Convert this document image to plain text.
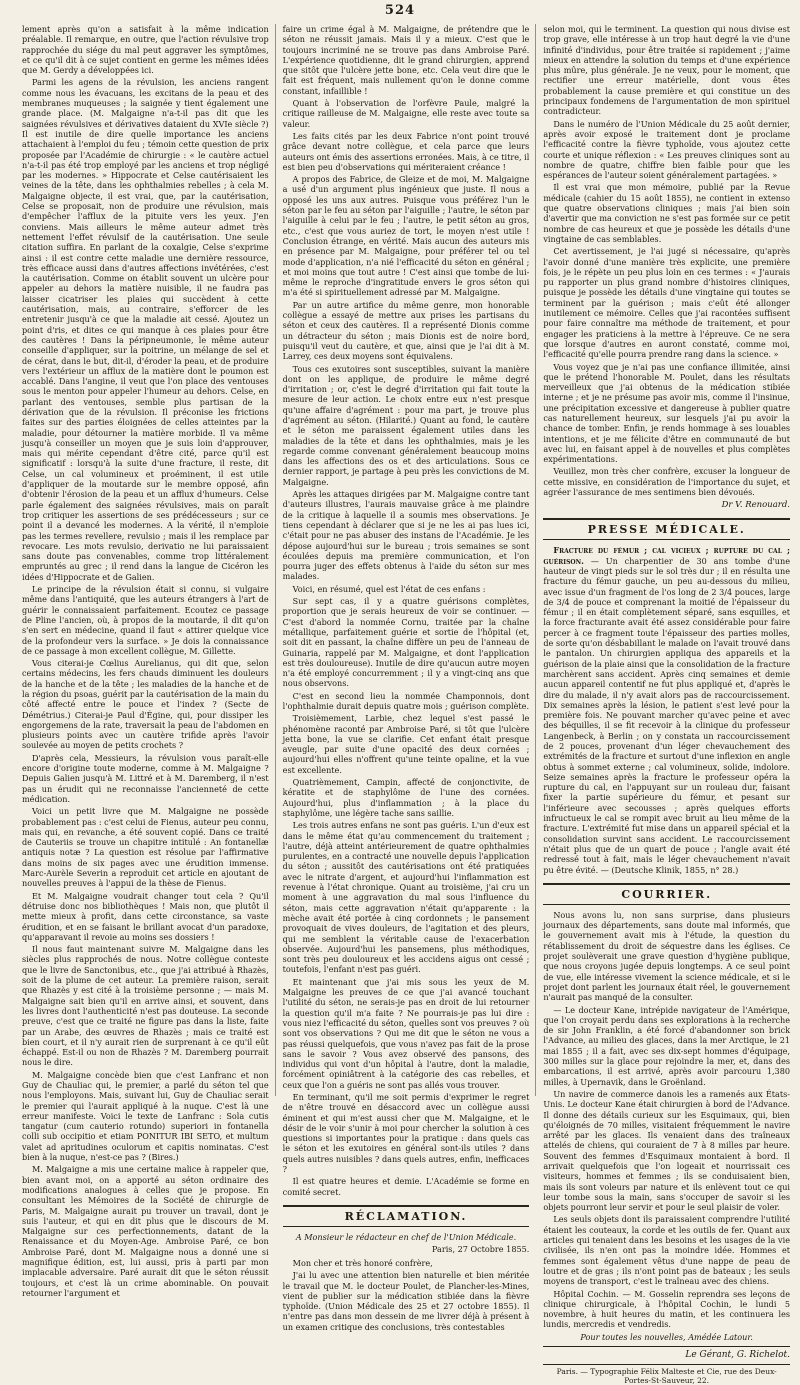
524

lement après qu'on a satisfait à la même indication préalable. Il remarque, en outre, que l'action révulsive trop rapprochée du siége du mal peut aggraver les symptômes, et ce qu'il dit à ce sujet contient en germe les mêmes idées que M. Gerdy a développées ici.

Parmi les agens de la révulsion, les anciens rangent comme nous les évacuans, les excitans de la peau et des membranes muqueuses ; la saignée y tient également une grande place. (M. Malgaigne n'a-t-il pas dit que les saignées révulsives et dérivatives dataient du XVIe siècle ?) Il est inutile de dire quelle importance les anciens attachaient à l'emploi du feu ; témoin cette question de prix proposée par l'Académie de chirurgie : « le cautère actuel n'a-t-il pas été trop employé par les anciens et trop négligé par les modernes. » Hippocrate et Celse cautérisaient les veines de la tête, dans les ophthalmies rebelles ; à cela M. Malgaigne objecte, il est vrai, que, par la cautérisation, Celse se proposait, non de produire une révulsion, mais d'empêcher l'afflux de la pituite vers les yeux. J'en conviens. Mais ailleurs le même auteur admet très nettement l'effet révulsif de la cautérisation. Une seule citation suffira. En parlant de la coxalgie, Celse s'exprime ainsi : il est contre cette maladie une dernière ressource, très efficace aussi dans d'autres affections invétérées, c'est la cautérisation. Comme on établit souvent un ulcère pour appeler au dehors la matière nuisible, il ne faudra pas laisser cicatriser les plaies qui succèdent à cette cautérisation, mais, au contraire, s'efforcer de les entretenir jusqu'à ce que la maladie ait cessé. Ajoutez un point d'ris, et dites ce qui manque à ces plaies pour être des cautères ! Dans la péripneumonie, le même auteur conseille d'appliquer, sur la poitrine, un mélange de sel et de cérat, dans le but, dit-il, d'éroder la peau, et de produire vers l'extérieur un afflux de la matière dont le poumon est accablé. Dans l'angine, il veut que l'on place des ventouses sous le menton pour appeler l'humeur au dehors. Celse, en parlant des ventouses, semble plus partisan de la dérivation que de la révulsion. Il préconise les frictions faites sur des parties éloignées de celles atteintes par la maladie, pour détourner la matière morbide. Il va même jusqu'à conseiller un moyen que je suis loin d'approuver, mais qui mérite cependant d'être cité, parce qu'il est significatif : lorsqu'à la suite d'une fracture, il reste, dit Celse, un cal volumineux et proéminent, il est utile d'appliquer de la moutarde sur le membre opposé, afin d'obtenir l'érosion de la peau et un afflux d'humeurs. Celse parle également des saignées révulsives, mais on paraît trop critiquer les assertions de ses prédécesseurs ; sur ce point il a devancé les modernes. A la vérité, il n'emploie pas les termes revellere, revulsio ; mais il les remplace par revocare. Les mots revulsio, derivatio ne lui paraissaient sans doute pas convenables, comme trop littéralement empruntés au grec ; il rend dans la langue de Cicéron les idées d'Hippocrate et de Galien.

Le principe de la révulsion était si connu, si vulgaire même dans l'antiquité, que les auteurs étrangers à l'art de guérir le connaissaient parfaitement. Ecoutez ce passage de Pline l'ancien, où, à propos de la moutarde, il dit qu'on s'en sert en médecine, quand il faut « attirer quelque vice de la profondeur vers la surface. » Je dois la connaissance de ce passage à mon excellent collègue, M. Gillette.

Vous citerai-je Cœlius Aurelianus, qui dit que, selon certains médecins, les fers chauds diminuent les douleurs de la hanche et de la tête ; les maladies de la hanche et de la région du psoas, guérit par la cautérisation de la main du côté affecté entre le pouce et l'index ? (Secte de Démétrius.) Citerai-je Paul d'Égine, qui, pour dissiper les engorgemens de la rate, traversait la peau de l'abdomen en plusieurs points avec un cautère trifide après l'avoir soulevée au moyen de petits crochets ?

D'après cela, Messieurs, la révulsion vous paraît-elle encore d'origine toute moderne, comme à M. Malgaigne ? Depuis Galien jusqu'à M. Littré et à M. Daremberg, il n'est pas un érudit qui ne reconnaisse l'ancienneté de cette médication.

Voici un petit livre que M. Malgaigne ne possède probablement pas : c'est celui de Fienus, auteur peu connu, mais qui, en revanche, a été souvent copié. Dans ce traité de Cauteriis se trouve un chapitre intitulé : An fontanellæ antiquis notæ ? La question est résolue par l'affirmative dans moins de six pages avec une érudition immense. Marc-Aurèle Severin a reproduit cet article en ajoutant de nouvelles preuves à l'appui de la thèse de Fienus.

Et M. Malgaigne voudrait changer tout cela ? Qu'il détruise donc nos bibliothèques ! Mais non, que plutôt il mette mieux à profit, dans cette circonstance, sa vaste érudition, et en se faisant le brillant avocat d'un paradoxe, qu'apparavant il revoie au moins ses dossiers !

Il nous faut maintenant suivre M. Malgaigne dans les siècles plus rapprochés de nous. Notre collègue conteste que le livre de Sanctonibus, etc., que j'ai attribué à Rhazès, soit de la plume de cet auteur. La première raison, serait que Rhazès y est cité à la troisième personne ; — mais M. Malgaigne sait bien qu'il en arrive ainsi, et souvent, dans les livres dont l'authenticité n'est pas douteuse. La seconde preuve, c'est que ce traité ne figure pas dans la liste, faite par un Arabe, des œuvres de Rhazès ; mais ce traité est bien court, et il n'y aurait rien de surprenant à ce qu'il eût échappé. Est-il ou non de Rhazès ? M. Daremberg pourrait nous le dire.

M. Malgaigne concède bien que c'est Lanfranc et non Guy de Chauliac qui, le premier, a parlé du séton tel que nous l'employons. Mais, suivant lui, Guy de Chauliac serait le premier qui l'aurait appliqué à la nuque. C'est là une erreur manifeste. Voici le texte de Lanfranc : Sola cutis tangatur (cum cauterio rotundo) superiori in fontanella colli sub occipitio et etiam PONITUR IBI SETO, et multum valet ad apritudines oculorum et capitis nominatas. C'est bien à la nuque, n'est-ce pas ? (Bires.)

M. Malgaigne a mis une certaine malice à rappeler que, bien avant moi, on a apporté au séton ordinaire des modifications analogues à celles que je propose. En consultant les Mémoires de la Société de chirurgie de Paris, M. Malgaigne aurait pu trouver un travail, dont je suis l'auteur, et qui en dit plus que le discours de M. Malgaigne sur ces perfectionnements, datant de la Renaissance et du Moyen-Age. Ambroise Paré, ce bon Ambroise Paré, dont M. Malgaigne nous a donné une si magnifique édition, est, lui aussi, pris à parti par mon implacable adversaire. Paré aurait dit que le séton réussit toujours, et c'est là un crime abominable. On pouvait retourner l'argument et

faire un crime égal à M. Malgaigne, de prétendre que le séton ne réussit jamais. Mais il y a mieux. C'est que le toujours incriminé ne se trouve pas dans Ambroise Paré. L'expérience quotidienne, dit le grand chirurgien, apprend que sitôt que l'ulcère jette bone, etc. Cela veut dire que le fait est fréquent, mais nullement qu'on le donne comme constant, infaillible !

Quant à l'observation de l'orfèvre Paule, malgré la critique railleuse de M. Malgaigne, elle reste avec toute sa valeur.

Les faits cités par les deux Fabrice n'ont point trouvé grâce devant notre collègue, et cela parce que leurs auteurs ont émis des assertions erronées. Mais, à ce titre, il est bien peu d'observations qui mériteraient créance !

A propos des Fabrice, de Gleize et de moi, M. Malgaigne a usé d'un argument plus ingénieux que juste. Il nous a opposé les uns aux autres. Puisque vous préférez l'un le séton par le feu au séton par l'aiguille ; l'autre, le séton par l'aiguille à celui par le feu ; l'autre, le petit séton au gros, etc., c'est que vous auriez de tort, le moyen n'est utile ! Conclusion étrange, en vérité. Mais aucun des auteurs mis en présence par M. Malgaigne, pour préférer tel ou tel mode d'application, n'a nié l'efficacité du séton en général ; et moi moins que tout autre ! C'est ainsi que tombe de lui-même le reproche d'ingratitude envers le gros séton qui m'a été si spirituellement adressé par M. Malgaigne.

Par un autre artifice du même genre, mon honorable collègue a essayé de mettre aux prises les partisans du séton et ceux des cautères. Il a représenté Dionis comme un détracteur du séton ; mais Dionis est de noire bord, puisqu'il veut du cautère, et que, ainsi que je l'ai dit à M. Larrey, ces deux moyens sont équivalens.

Tous ces exutoires sont susceptibles, suivant la manière dont on les applique, de produire le même degré d'irritation ; or, c'est le degré d'irritation qui fait toute la mesure de leur action. Le choix entre eux n'est presque qu'une affaire d'agrément : pour ma part, je trouve plus d'agrément au séton. (Hilarité.) Quant au fond, le cautère et le séton me paraissent également utiles dans les maladies de la tête et dans les ophthalmies, mais je les regarde comme convenant généralement beaucoup moins dans les affections des os et des articulations. Sous ce dernier rapport, je partage à peu près les convictions de M. Malgaigne.

Après les attaques dirigées par M. Malgaigne contre tant d'auteurs illustres, l'aurais mauvaise grâce à me plaindre de la critique à laquelle il a soumis mes observations. Je tiens cependant à déclarer que si je ne les ai pas lues ici, c'était pour ne pas abuser des instans de l'Académie. Je les dépose aujourd'hui sur le bureau ; trois semaines se sont écoulées depuis ma première communication, et l'on pourra juger des effets obtenus à l'aide du séton sur mes malades.

Voici, en résumé, quel est l'état de ces enfans :

Sur sept cas, il y a quatre guérisons complètes, proportion que je serais heureux de voir se continuer. — C'est d'abord la nommée Cornu, traitée par la chaîne métallique, parfaitement guérie et sortie de l'hôpital (et, soit dit en passant, la chaîne diffère un peu de l'anneau de Guinaria, rappelé par M. Malgaigne, et dont l'application est très douloureuse). Inutile de dire qu'aucun autre moyen n'a été employé concurremment ; il y a vingt-cinq ans que nous observons.

C'est en second lieu la nommée Champonnois, dont l'ophthalmie durait depuis quatre mois ; guérison complète.

Troisièmement, Larbie, chez lequel s'est passé le phénomène raconté par Ambroise Paré, si tôt que l'ulcère jetta bone, la vue se clarifie. Cet enfant était presque aveugle, par suite d'une opacité des deux cornées ; aujourd'hui elles n'offrent qu'une teinte opaline, et la vue est excellente.

Quatrièmement, Campin, affecté de conjonctivite, de kératite et de staphylôme de l'une des cornées. Aujourd'hui, plus d'inflammation ; à la place du staphylôme, une légère tache sans saillie.

Les trois autres enfans ne sont pas guéris. L'un d'eux est dans le même état qu'au commencement du traitement ; l'autre, déjà atteint antérieurement de quatre ophthalmies purulentes, en a contracté une nouvelle depuis l'application du séton ; aussitôt des cautérisations ont été pratiquées avec le nitrate d'argent, et aujourd'hui l'inflammation est revenue à l'état chronique. Quant au troisième, j'ai cru un moment à une aggravation du mal sous l'influence du séton, mais cette aggravation n'était qu'apparente : la mèche avait été portée à cinq cordonnets ; le pansement provoquait de vives douleurs, de l'agitation et des pleurs, qui me semblent la véritable cause de l'exacerbation observée. Aujourd'hui les pansemens, plus méthodiques, sont très peu douloureux et les accidens aigus ont cessé ; toutefois, l'enfant n'est pas guéri.

Et maintenant que j'ai mis sous les yeux de M. Malgaigne les preuves de ce que j'ai avancé touchant l'utilité du séton, ne serais-je pas en droit de lui retourner la question qu'il m'a faite ? Ne pourrais-je pas lui dire : vous niez l'efficacité du séton, quelles sont vos preuves ? où sont vos observations ? Qui me dit que le séton ne vous a pas réussi quelquefois, que vous n'avez pas fait de la prose sans le savoir ? Vous avez observé des pansons, des individus qui vont d'un hôpital à l'autre, dont la maladie, forcément opiniâtrent à la catégorie des cas rebelles, et ceux que l'on a guéris ne sont pas allés vous trouver.

En terminant, qu'il me soit permis d'exprimer le regret de n'être trouvé en désaccord avec un collègue aussi éminent et qui m'est aussi cher que M. Malgaigne, et le désir de le voir s'unir à moi pour chercher la solution à ces questions si importantes pour la pratique : dans quels cas le séton et les exutoires en général sont-ils utiles ? dans quels autres nuisibles ? dans quels autres, enfin, inefficaces ?

Il est quatre heures et demie. L'Académie se forme en comité secret.

RÉCLAMATION.
A Monsieur le rédacteur en chef de l'Union Médicale.
Paris, 27 Octobre 1855.

Mon cher et très honoré confrère,

J'ai lu avec une attention bien naturelle et bien méritée le travail que M. le docteur Poulet, de Plancher-les-Mines, vient de publier sur la médication stibiée dans la fièvre typhoïde. (Union Médicale des 25 et 27 octobre 1855). Il n'entre pas dans mon dessein de me livrer déjà à présent à un examen critique des conclusions, très contestables

selon moi, qui le terminent. La question qui nous divise est trop grave, elle intéresse à un trop haut degré la vie d'une infinité d'individus, pour être traitée si rapidement ; j'aime mieux en attendre la solution du temps et d'une expérience plus mûre, plus générale. Je ne veux, pour le moment, que rectifier une erreur matérielle, dont vous êtes probablement la cause première et qui constitue un des principaux fondemens de l'argumentation de mon spirituel contradicteur.

Dans le numéro de l'Union Médicale du 25 août dernier, après avoir exposé le traitement dont je proclame l'efficacité contre la fièvre typhoïde, vous ajoutez cette courte et unique réflexion : « Les preuves cliniques sont au nombre de quatre, chiffre bien faible pour que les espérances de l'auteur soient généralement partagées. »

Il est vrai que mon mémoire, publié par la Revue médicale (cahier du 15 août 1855), ne contient in extenso que quatre observations cliniques ; mais j'ai bien soin d'avertir que ma conviction ne s'est pas formée sur ce petit nombre de cas heureux et que je possède les détails d'une vingtaine de cas semblables.

Cet avertissement, je l'ai jugé si nécessaire, qu'après l'avoir donné d'une manière très explicite, une première fois, je le répète un peu plus loin en ces termes : « J'aurais pu rapporter un plus grand nombre d'histoires cliniques, puisque je possède les détails d'une vingtaine qui toutes se terminent par la guérison ; mais c'eût été allonger inutilement ce mémoire. Celles que j'ai racontées suffisent pour faire connaître ma méthode de traitement, et pour engager les praticiens à la mettre à l'épreuve. Ce ne sera que lorsque d'autres en auront constaté, comme moi, l'efficacité qu'elle pourra prendre rang dans la science. »

Vous voyez que je n'ai pas une confiance illimitée, ainsi que le prétend l'honorable M. Poulet, dans les résultats merveilleux que j'ai obtenus de la médication stibiée interne ; et je ne présume pas avoir mis, comme il l'insinue, une précipitation excessive et dangereuse à publier quatre cas naturellement heureux, sur lesquels j'ai pu avoir la chance de tomber. Enfin, je rends hommage à ses louables intentions, et je me félicite d'être en communauté de but avec lui, en faisant appel à de nouvelles et plus complètes expérimentations.

Veuillez, mon très cher confrère, excuser la longueur de cette missive, en considération de l'importance du sujet, et agréer l'assurance de mes sentimens bien dévoués.

Dr V. Renouard.
PRESSE MÉDICALE.

Fracture du fémur ; cal vicieux ; rupture du cal ; guérison. — Un charpentier de 30 ans tombe d'une hauteur de vingt pieds sur le sol très dur ; il en résulta une fracture du fémur gauche, un peu au-dessous du milieu, avec issue d'un fragment de l'os long de 2 3/4 pouces, large de 3/4 de pouce et comprenant la moitié de l'épaisseur du fémur ; il en était complètement séparé, sans esquilles, et la force fracturante avait été assez considérable pour faire percer à ce fragment toute l'épaisseur des parties molles, de sorte qu'on désbabillant le malade on l'avait trouvé dans le pantalon. Un chirurgien appliqua des appareils et la guérison de la plaie ainsi que la consolidation de la fracture marchèrent sans accident. Après cinq semaines et demie aucun appareil contentif ne fut plus appliqué et, d'après le dire du malade, il n'y avait alors pas de raccourcissement. Dix semaines après la lésion, le patient s'est levé pour la première fois. Ne pouvant marcher qu'avec peine et avec des béquilles, il se fit recevoir à la clinique du professeur Langenbeck, à Berlin ; on y constata un raccourcissement de 2 pouces, provenant d'un léger chevauchement des extrémités de la fracture et surtout d'une inflexion en angle obtus à sommet externe ; cal volumineux, solide, indolore. Seize semaines après la fracture le professeur opéra la rupture du cal, en l'appuyant sur un rouleau dur, faisant fixer la partie supérieure du fémur, et pesant sur l'inférieure avec secousses ; après quelques efforts infructueux le cal se rompit avec bruit au lieu même de la fracture. L'extrémité fut mise dans un appareil spécial et la consolidation survint sans accident. Le raccourcissement n'était plus que de un quart de pouce ; l'angle avait été redressé tout à fait, mais le léger chevauchement n'avait pu être évité. — (Deutsche Klinik, 1855, n° 28.)

COURRIER.

Nous avons lu, non sans surprise, dans plusieurs journaux des départements, sans doute mal informés, que le gouvernement avait mis à l'étude, la question du rétablissement du droit de séquestre dans les églises. Ce projet soulèverait une grave question d'hygiène publique, que nous croyons jugée depuis longtemps. A ce seul point de vue, elle intéresse vivement la science médicale, et si le projet dont parlent les journaux était réel, le gouvernement n'aurait pas manqué de la consulter.

— Le docteur Kane, intrépide navigateur de l'Amérique, que l'on croyait perdu dans ses explorations à la recherche de sir John Franklin, a été forcé d'abandonner son brick l'Advance, au milieu des glaces, dans la mer Arctique, le 21 mai 1855 ; il a fait, avec ses dix-sept hommes d'équipage, 300 milles sur la glace pour rejoindre la mer, et, dans des embarcations, il est arrivé, après avoir parcouru 1,380 milles, à Upernavik, dans le Groënland.

Un navire de commerce danois les a ramenés aux États-Unis. Le docteur Kane était chirurgien à bord de l'Advance. Il donne des détails curieux sur les Esquimaux, qui, bien qu'éloignés de 70 milles, visitaient fréquemment le navire arrêté par les glaces. Ils venaient dans des traîneaux attelés de chiens, qui couraient de 7 à 8 milles par heure. Souvent des femmes d'Esquimaux montaient à bord. Il arrivait quelquefois que l'on logeait et nourrissait ces visiteurs, hommes et femmes ; ils se conduisaient bien, mais ils sont voleurs par nature et ils enlèvent tout ce qui leur tombe sous la main, sans s'occuper de savoir si les objets pourront leur servir et pour le seul plaisir de voler.

Les seuls objets dont ils paraissaient comprendre l'utilité étaient les couteaux, la corde et les outils de fer. Quant aux articles qui tenaient dans les besoins et les usages de la vie civilisée, ils n'en ont pas la moindre idée. Hommes et femmes sont également vêtus d'une nappe de peau de loutre et de gras ; ils n'ont point pas de bateaux ; les seuls moyens de transport, c'est le traîneau avec des chiens.

Hôpital Cochin. — M. Gosselin reprendra ses leçons de clinique chirurgicale, à l'hôpital Cochin, le lundi 5 novembre, à huit heures du matin, et les continuera les lundis, mercredis et vendredis.

Pour toutes les nouvelles, Amédée Latour.
Le Gérant, G. Richelot.
Paris. — Typographie Félix Malteste et Cie, rue des Deux-Portes-St-Sauveur, 22.
